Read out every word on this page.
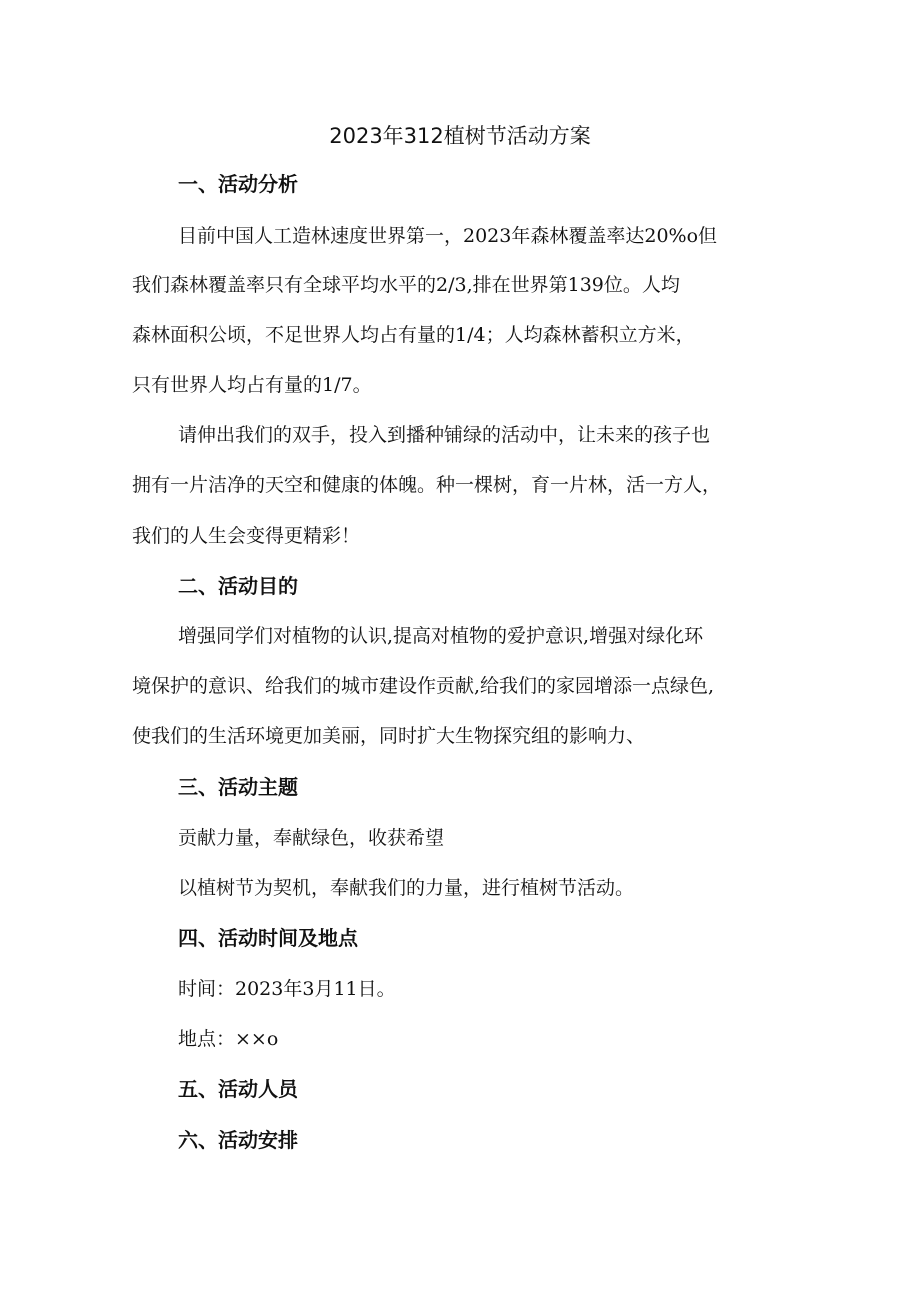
2023年312植树节活动方案
一、活动分析
目前中国人工造林速度世界第一，2023年森林覆盖率达20%o但
我们森林覆盖率只有全球平均水平的2/3,排在世界第139位。人均
森林面积公顷，不足世界人均占有量的1/4；人均森林蓄积立方米，
只有世界人均占有量的1/7。
请伸出我们的双手，投入到播种铺绿的活动中，让未来的孩子也
拥有一片洁净的天空和健康的体魄。种一棵树，育一片林，活一方人，
我们的人生会变得更精彩！
二、活动目的
增强同学们对植物的认识,提高对植物的爱护意识,增强对绿化环
境保护的意识、给我们的城市建设作贡献,给我们的家园增添一点绿色,
使我们的生活环境更加美丽，同时扩大生物探究组的影响力、
三、活动主题
贡献力量，奉献绿色，收获希望
以植树节为契机，奉献我们的力量，进行植树节活动。
四、活动时间及地点
时间：2023年3月11日。
地点：××o
五、活动人员
六、活动安排
